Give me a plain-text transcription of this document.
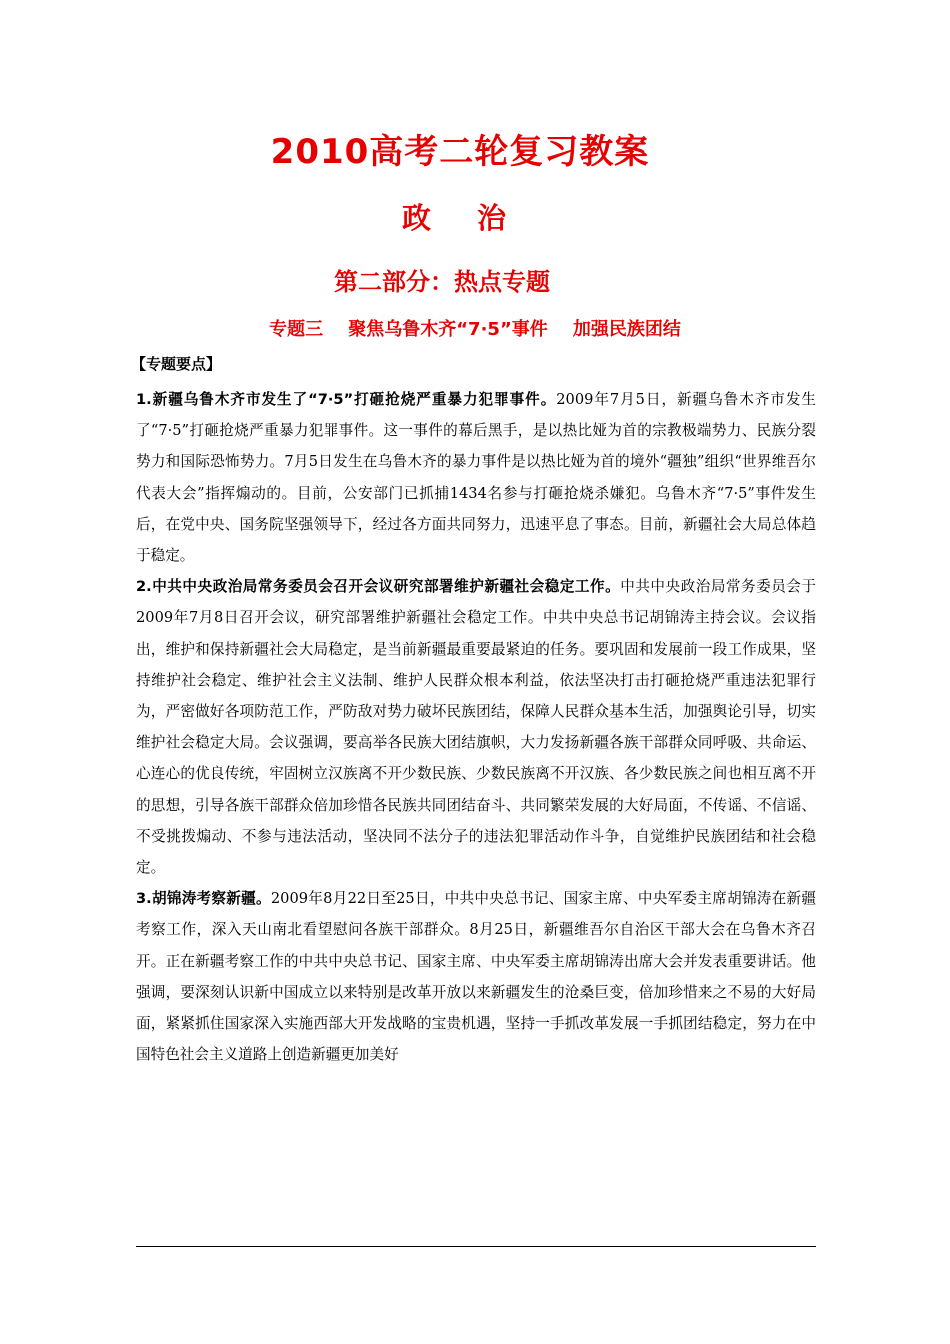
2010高考二轮复习教案
政 治
第二部分：热点专题
专题三    聚焦乌鲁木齐“7·5”事件    加强民族团结
【专题要点】

1.新疆乌鲁木齐市发生了“7·5”打砸抢烧严重暴力犯罪事件。2009年7月5日，新疆乌鲁木齐市发生了“7·5”打砸抢烧严重暴力犯罪事件。这一事件的幕后黑手，是以热比娅为首的宗教极端势力、民族分裂势力和国际恐怖势力。7月5日发生在乌鲁木齐的暴力事件是以热比娅为首的境外“疆独”组织“世界维吾尔代表大会”指挥煽动的。目前，公安部门已抓捕1434名参与打砸抢烧杀嫌犯。乌鲁木齐“7·5”事件发生后，在党中央、国务院坚强领导下，经过各方面共同努力，迅速平息了事态。目前，新疆社会大局总体趋于稳定。

2.中共中央政治局常务委员会召开会议研究部署维护新疆社会稳定工作。中共中央政治局常务委员会于2009年7月8日召开会议，研究部署维护新疆社会稳定工作。中共中央总书记胡锦涛主持会议。会议指出，维护和保持新疆社会大局稳定，是当前新疆最重要最紧迫的任务。要巩固和发展前一段工作成果，坚持维护社会稳定、维护社会主义法制、维护人民群众根本利益，依法坚决打击打砸抢烧严重违法犯罪行为，严密做好各项防范工作，严防敌对势力破坏民族团结，保障人民群众基本生活，加强舆论引导，切实维护社会稳定大局。会议强调，要高举各民族大团结旗帜，大力发扬新疆各族干部群众同呼吸、共命运、心连心的优良传统，牢固树立汉族离不开少数民族、少数民族离不开汉族、各少数民族之间也相互离不开的思想，引导各族干部群众倍加珍惜各民族共同团结奋斗、共同繁荣发展的大好局面，不传谣、不信谣、不受挑拨煽动、不参与违法活动，坚决同不法分子的违法犯罪活动作斗争，自觉维护民族团结和社会稳定。

3.胡锦涛考察新疆。2009年8月22日至25日，中共中央总书记、国家主席、中央军委主席胡锦涛在新疆考察工作，深入天山南北看望慰问各族干部群众。8月25日，新疆维吾尔自治区干部大会在乌鲁木齐召开。正在新疆考察工作的中共中央总书记、国家主席、中央军委主席胡锦涛出席大会并发表重要讲话。他强调，要深刻认识新中国成立以来特别是改革开放以来新疆发生的沧桑巨变，倍加珍惜来之不易的大好局面，紧紧抓住国家深入实施西部大开发战略的宝贵机遇，坚持一手抓改革发展一手抓团结稳定，努力在中国特色社会主义道路上创造新疆更加美好
